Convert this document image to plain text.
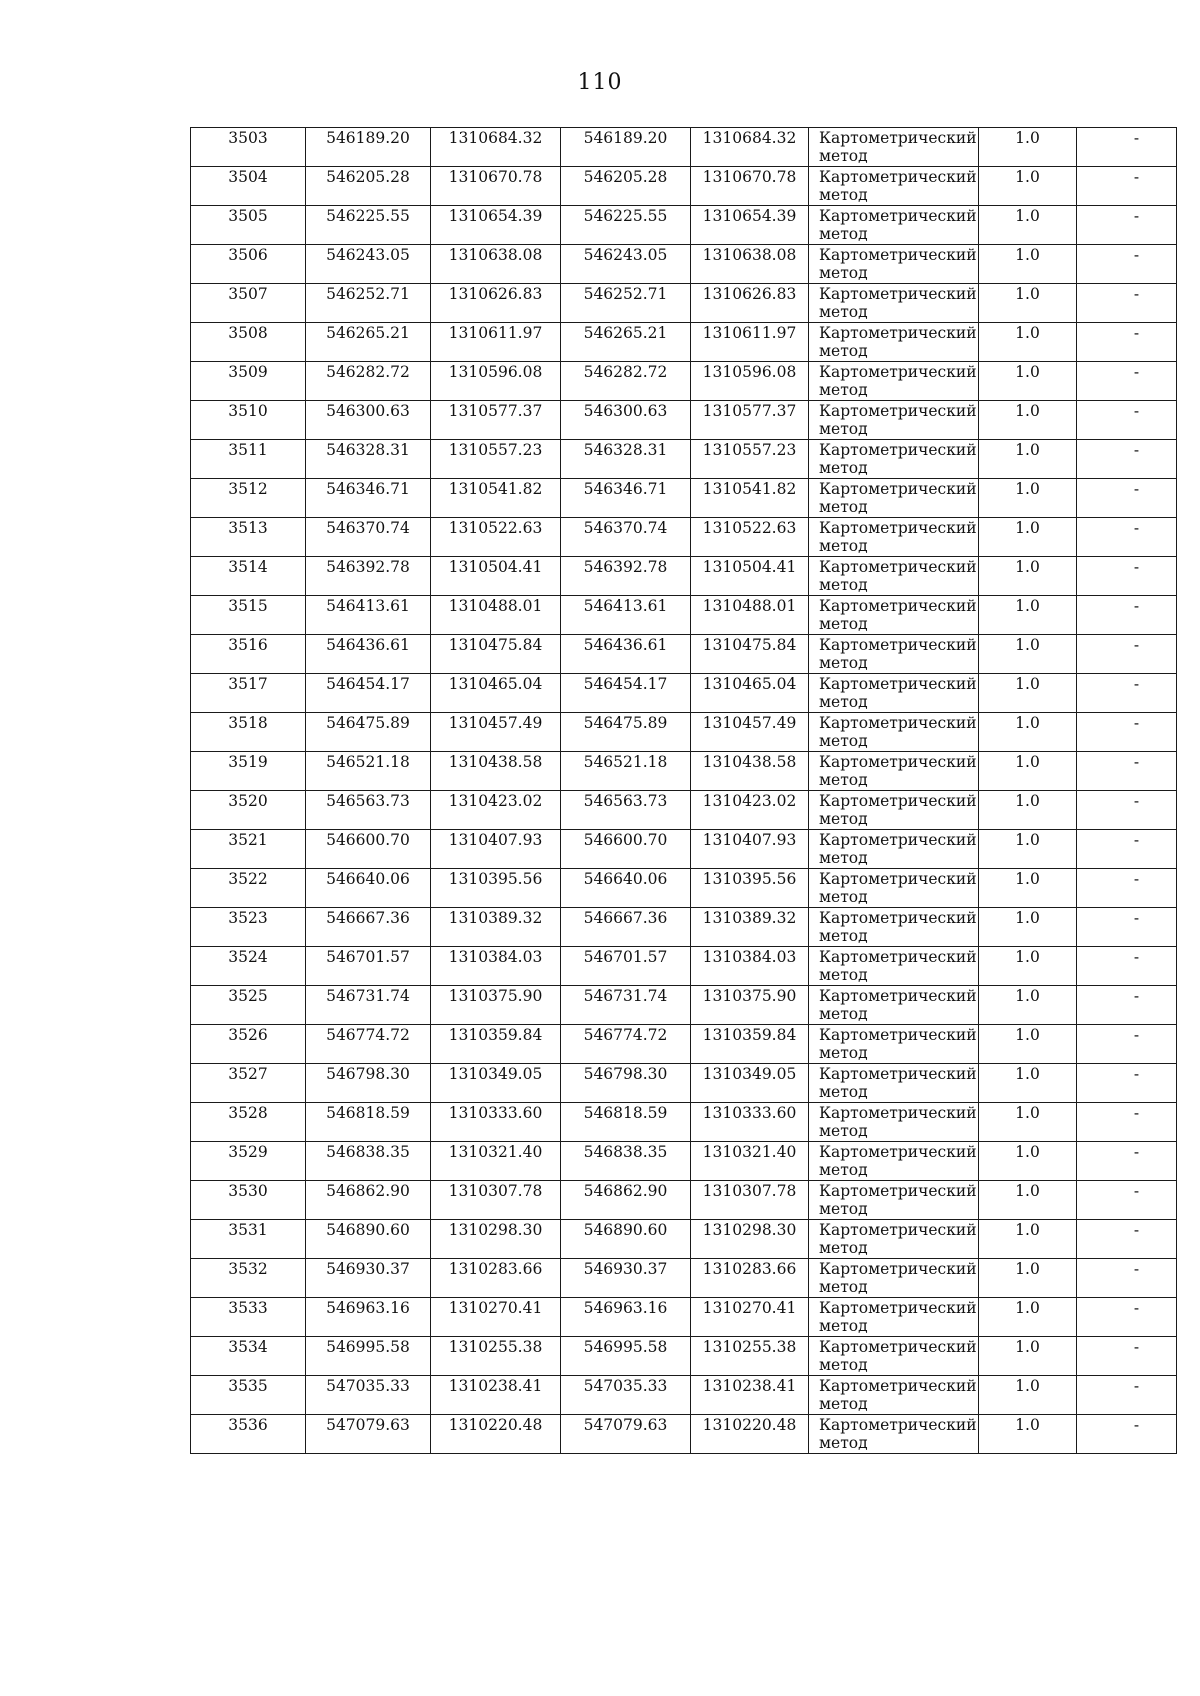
110
3503	546189.20	1310684.32	546189.20	1310684.32	Картометрический
метод	1.0	-
3504	546205.28	1310670.78	546205.28	1310670.78	Картометрический
метод	1.0	-
3505	546225.55	1310654.39	546225.55	1310654.39	Картометрический
метод	1.0	-
3506	546243.05	1310638.08	546243.05	1310638.08	Картометрический
метод	1.0	-
3507	546252.71	1310626.83	546252.71	1310626.83	Картометрический
метод	1.0	-
3508	546265.21	1310611.97	546265.21	1310611.97	Картометрический
метод	1.0	-
3509	546282.72	1310596.08	546282.72	1310596.08	Картометрический
метод	1.0	-
3510	546300.63	1310577.37	546300.63	1310577.37	Картометрический
метод	1.0	-
3511	546328.31	1310557.23	546328.31	1310557.23	Картометрический
метод	1.0	-
3512	546346.71	1310541.82	546346.71	1310541.82	Картометрический
метод	1.0	-
3513	546370.74	1310522.63	546370.74	1310522.63	Картометрический
метод	1.0	-
3514	546392.78	1310504.41	546392.78	1310504.41	Картометрический
метод	1.0	-
3515	546413.61	1310488.01	546413.61	1310488.01	Картометрический
метод	1.0	-
3516	546436.61	1310475.84	546436.61	1310475.84	Картометрический
метод	1.0	-
3517	546454.17	1310465.04	546454.17	1310465.04	Картометрический
метод	1.0	-
3518	546475.89	1310457.49	546475.89	1310457.49	Картометрический
метод	1.0	-
3519	546521.18	1310438.58	546521.18	1310438.58	Картометрический
метод	1.0	-
3520	546563.73	1310423.02	546563.73	1310423.02	Картометрический
метод	1.0	-
3521	546600.70	1310407.93	546600.70	1310407.93	Картометрический
метод	1.0	-
3522	546640.06	1310395.56	546640.06	1310395.56	Картометрический
метод	1.0	-
3523	546667.36	1310389.32	546667.36	1310389.32	Картометрический
метод	1.0	-
3524	546701.57	1310384.03	546701.57	1310384.03	Картометрический
метод	1.0	-
3525	546731.74	1310375.90	546731.74	1310375.90	Картометрический
метод	1.0	-
3526	546774.72	1310359.84	546774.72	1310359.84	Картометрический
метод	1.0	-
3527	546798.30	1310349.05	546798.30	1310349.05	Картометрический
метод	1.0	-
3528	546818.59	1310333.60	546818.59	1310333.60	Картометрический
метод	1.0	-
3529	546838.35	1310321.40	546838.35	1310321.40	Картометрический
метод	1.0	-
3530	546862.90	1310307.78	546862.90	1310307.78	Картометрический
метод	1.0	-
3531	546890.60	1310298.30	546890.60	1310298.30	Картометрический
метод	1.0	-
3532	546930.37	1310283.66	546930.37	1310283.66	Картометрический
метод	1.0	-
3533	546963.16	1310270.41	546963.16	1310270.41	Картометрический
метод	1.0	-
3534	546995.58	1310255.38	546995.58	1310255.38	Картометрический
метод	1.0	-
3535	547035.33	1310238.41	547035.33	1310238.41	Картометрический
метод	1.0	-
3536	547079.63	1310220.48	547079.63	1310220.48	Картометрический
метод	1.0	-
